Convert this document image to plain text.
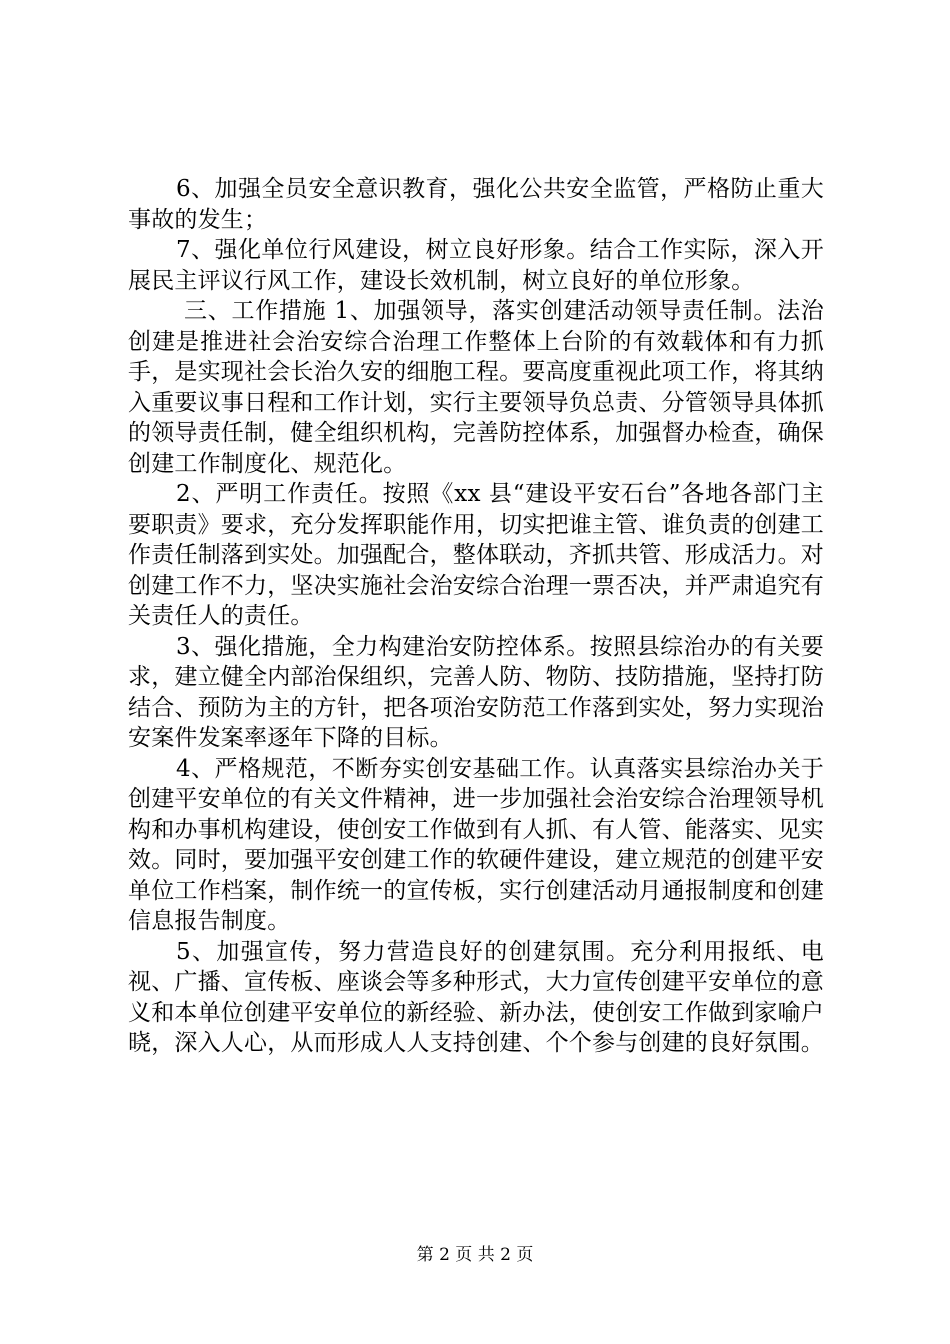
6、加强全员安全意识教育，强化公共安全监管，严格防止重大事故的发生；

7、强化单位行风建设，树立良好形象。结合工作实际，深入开展民主评议行风工作，建设长效机制，树立良好的单位形象。

三、工作措施 1、加强领导，落实创建活动领导责任制。法治创建是推进社会治安综合治理工作整体上台阶的有效载体和有力抓手，是实现社会长治久安的细胞工程。要高度重视此项工作，将其纳入重要议事日程和工作计划，实行主要领导负总责、分管领导具体抓的领导责任制，健全组织机构，完善防控体系，加强督办检查，确保创建工作制度化、规范化。

2、严明工作责任。按照《xx 县“建设平安石台”各地各部门主要职责》要求，充分发挥职能作用，切实把谁主管、谁负责的创建工作责任制落到实处。加强配合，整体联动，齐抓共管、形成活力。对创建工作不力，坚决实施社会治安综合治理一票否决，并严肃追究有关责任人的责任。

3、强化措施，全力构建治安防控体系。按照县综治办的有关要求，建立健全内部治保组织，完善人防、物防、技防措施，坚持打防结合、预防为主的方针，把各项治安防范工作落到实处，努力实现治安案件发案率逐年下降的目标。

4、严格规范，不断夯实创安基础工作。认真落实县综治办关于创建平安单位的有关文件精神，进一步加强社会治安综合治理领导机构和办事机构建设，使创安工作做到有人抓、有人管、能落实、见实效。同时，要加强平安创建工作的软硬件建设，建立规范的创建平安单位工作档案，制作统一的宣传板，实行创建活动月通报制度和创建信息报告制度。

5、加强宣传，努力营造良好的创建氛围。充分利用报纸、电视、广播、宣传板、座谈会等多种形式，大力宣传创建平安单位的意义和本单位创建平安单位的新经验、新办法，使创安工作做到家喻户晓，深入人心，从而形成人人支持创建、个个参与创建的良好氛围。

第 2 页 共 2 页
